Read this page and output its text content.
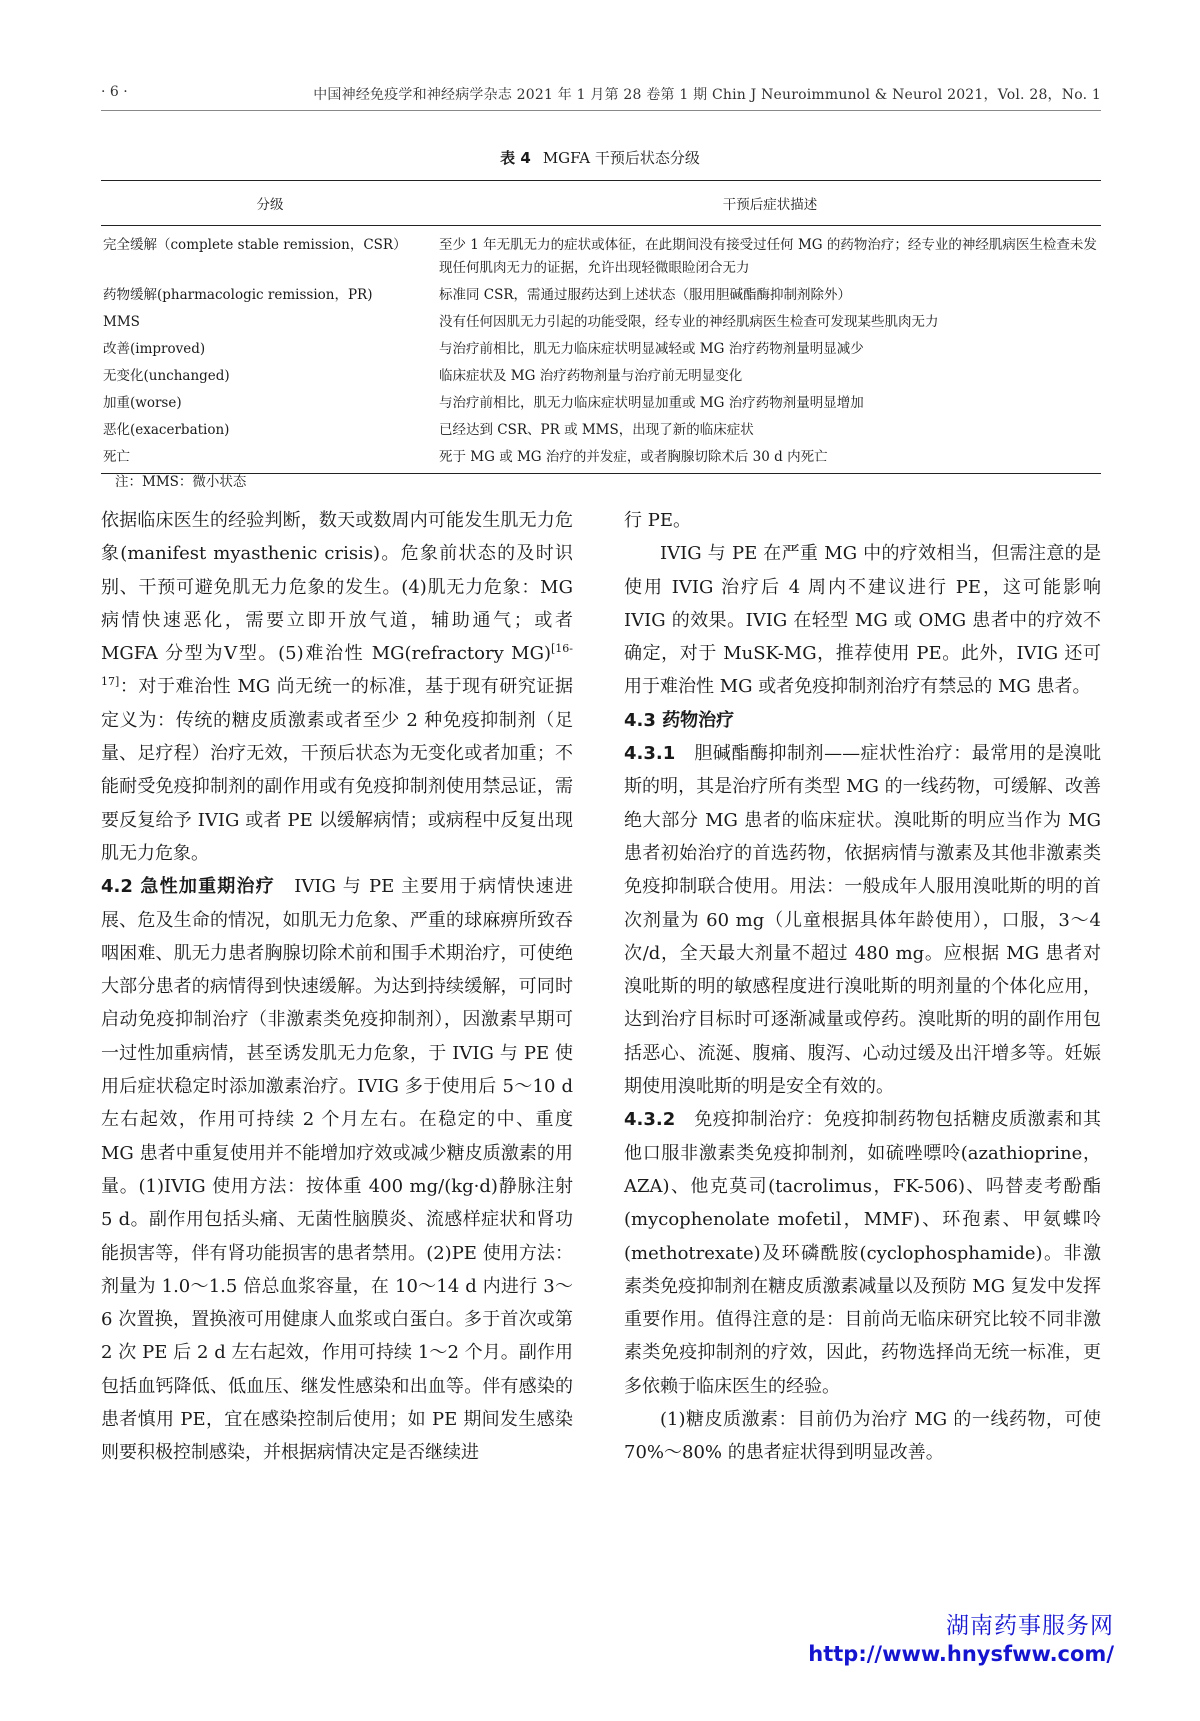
· 6 ·	中国神经免疫学和神经病学杂志 2021 年 1 月第 28 卷第 1 期 Chin J Neuroimmunol & Neurol 2021，Vol. 28，No. 1
表 4 MGFA 干预后状态分级
分级	干预后症状描述
完全缓解（complete stable remission，CSR）	至少 1 年无肌无力的症状或体征，在此期间没有接受过任何 MG 的药物治疗；经专业的神经肌病医生检查未发现任何肌肉无力的证据，允许出现轻微眼睑闭合无力
药物缓解(pharmacologic remission，PR)	标准同 CSR，需通过服药达到上述状态（服用胆碱酯酶抑制剂除外）
MMS	没有任何因肌无力引起的功能受限，经专业的神经肌病医生检查可发现某些肌肉无力
改善(improved)	与治疗前相比，肌无力临床症状明显减轻或 MG 治疗药物剂量明显减少
无变化(unchanged)	临床症状及 MG 治疗药物剂量与治疗前无明显变化
加重(worse)	与治疗前相比，肌无力临床症状明显加重或 MG 治疗药物剂量明显增加
恶化(exacerbation)	已经达到 CSR、PR 或 MMS，出现了新的临床症状
死亡	死于 MG 或 MG 治疗的并发症，或者胸腺切除术后 30 d 内死亡
注：MMS：微小状态

依据临床医生的经验判断，数天或数周内可能发生肌无力危象(manifest myasthenic crisis)。危象前状态的及时识别、干预可避免肌无力危象的发生。(4)肌无力危象：MG 病情快速恶化，需要立即开放气道，辅助通气；或者 MGFA 分型为Ⅴ型。(5)难治性 MG(refractory MG)[16-17]：对于难治性 MG 尚无统一的标准，基于现有研究证据定义为：传统的糖皮质激素或者至少 2 种免疫抑制剂（足量、足疗程）治疗无效，干预后状态为无变化或者加重；不能耐受免疫抑制剂的副作用或有免疫抑制剂使用禁忌证，需要反复给予 IVIG 或者 PE 以缓解病情；或病程中反复出现肌无力危象。

4.2 急性加重期治疗　 IVIG 与 PE 主要用于病情快速进展、危及生命的情况，如肌无力危象、严重的球麻痹所致吞咽困难、肌无力患者胸腺切除术前和围手术期治疗，可使绝大部分患者的病情得到快速缓解。为达到持续缓解，可同时启动免疫抑制治疗（非激素类免疫抑制剂），因激素早期可一过性加重病情，甚至诱发肌无力危象，于 IVIG 与 PE 使用后症状稳定时添加激素治疗。IVIG 多于使用后 5～10 d 左右起效，作用可持续 2 个月左右。在稳定的中、重度 MG 患者中重复使用并不能增加疗效或减少糖皮质激素的用量。(1)IVIG 使用方法：按体重 400 mg/(kg·d)静脉注射 5 d。副作用包括头痛、无菌性脑膜炎、流感样症状和肾功能损害等，伴有肾功能损害的患者禁用。(2)PE 使用方法：剂量为 1.0～1.5 倍总血浆容量，在 10～14 d 内进行 3～6 次置换，置换液可用健康人血浆或白蛋白。多于首次或第 2 次 PE 后 2 d 左右起效，作用可持续 1～2 个月。副作用包括血钙降低、低血压、继发性感染和出血等。伴有感染的患者慎用 PE，宜在感染控制后使用；如 PE 期间发生感染则要积极控制感染，并根据病情决定是否继续进

行 PE。

IVIG 与 PE 在严重 MG 中的疗效相当，但需注意的是使用 IVIG 治疗后 4 周内不建议进行 PE，这可能影响 IVIG 的效果。IVIG 在轻型 MG 或 OMG 患者中的疗效不确定，对于 MuSK-MG，推荐使用 PE。此外，IVIG 还可用于难治性 MG 或者免疫抑制剂治疗有禁忌的 MG 患者。

4.3 药物治疗

4.3.1　 胆碱酯酶抑制剂——症状性治疗：最常用的是溴吡斯的明，其是治疗所有类型 MG 的一线药物，可缓解、改善绝大部分 MG 患者的临床症状。溴吡斯的明应当作为 MG 患者初始治疗的首选药物，依据病情与激素及其他非激素类免疫抑制联合使用。用法：一般成年人服用溴吡斯的明的首次剂量为 60 mg（儿童根据具体年龄使用），口服，3～4 次/d，全天最大剂量不超过 480 mg。应根据 MG 患者对溴吡斯的明的敏感程度进行溴吡斯的明剂量的个体化应用，达到治疗目标时可逐渐减量或停药。溴吡斯的明的副作用包括恶心、流涎、腹痛、腹泻、心动过缓及出汗增多等。妊娠期使用溴吡斯的明是安全有效的。

4.3.2　 免疫抑制治疗：免疫抑制药物包括糖皮质激素和其他口服非激素类免疫抑制剂，如硫唑嘌呤(azathioprine，AZA)、他克莫司(tacrolimus，FK-506)、吗替麦考酚酯(mycophenolate mofetil，MMF)、环孢素、甲氨蝶呤(methotrexate)及环磷酰胺(cyclophosphamide)。非激素类免疫抑制剂在糖皮质激素减量以及预防 MG 复发中发挥重要作用。值得注意的是：目前尚无临床研究比较不同非激素类免疫抑制剂的疗效，因此，药物选择尚无统一标准，更多依赖于临床医生的经验。

(1)糖皮质激素：目前仍为治疗 MG 的一线药物，可使 70%～80% 的患者症状得到明显改善。

湖南药事服务网
http://www.hnysfww.com/
